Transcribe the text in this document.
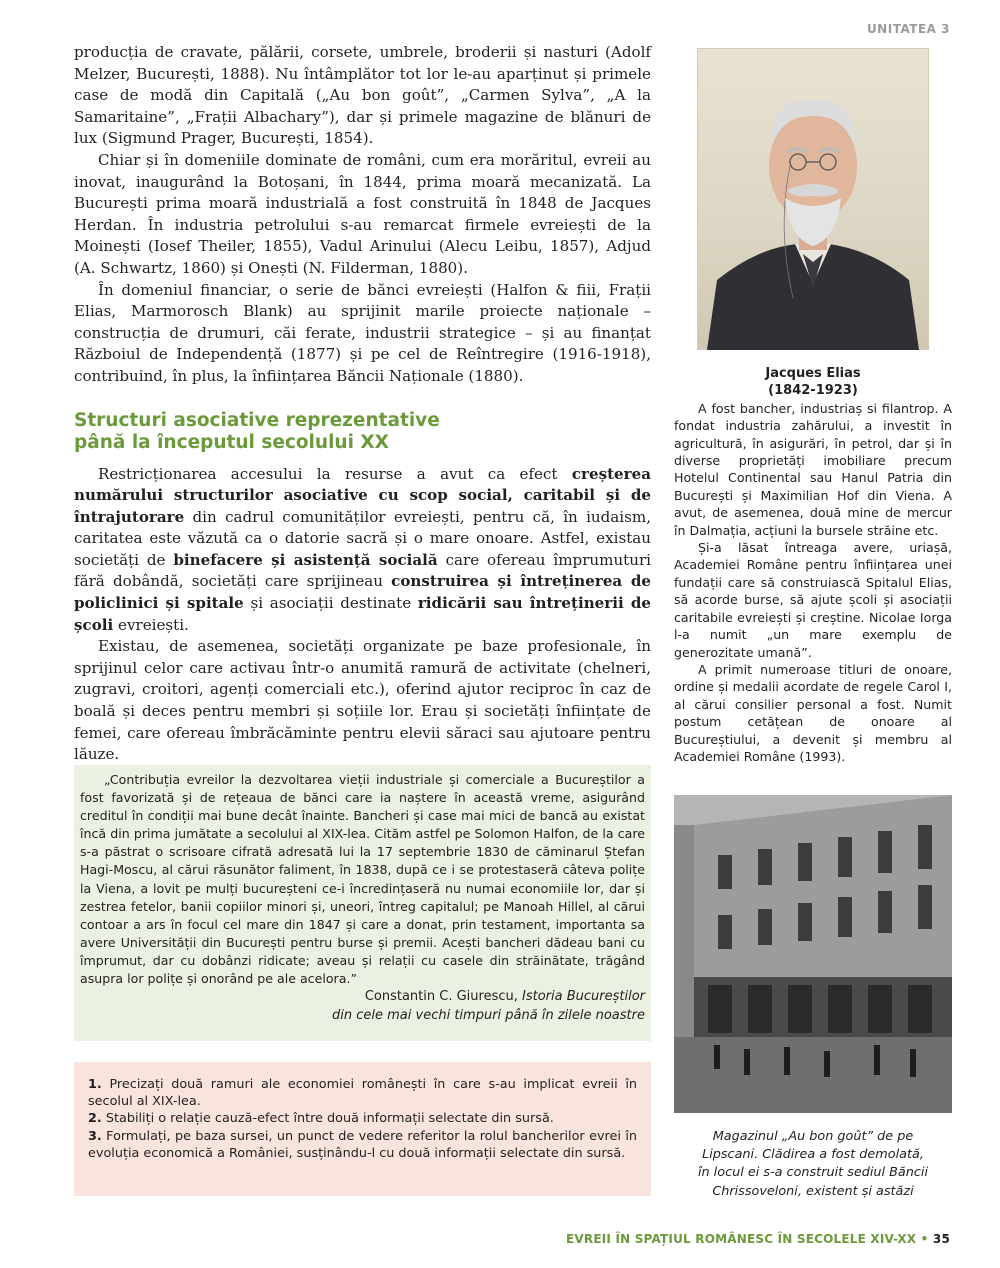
UNITATEA 3

producția de cravate, pălării, corsete, umbrele, broderii și nasturi (Adolf Melzer, București, 1888). Nu întâmplător tot lor le-au aparținut și primele case de modă din Capitală („Au bon goût”, „Carmen Sylva”, „A la Samaritaine”, „Frații Albachary”), dar și primele magazine de blănuri de lux (Sigmund Prager, București, 1854).

Chiar și în domeniile dominate de români, cum era morăritul, evreii au inovat, inaugurând la Botoșani, în 1844, prima moară mecanizată. La București prima moară industrială a fost construită în 1848 de Jacques Herdan. În industria petrolului s-au remarcat firmele evreiești de la Moinești (Iosef Theiler, 1855), Vadul Arinului (Alecu Leibu, 1857), Adjud (A. Schwartz, 1860) și Onești (N. Filderman, 1880).

În domeniul financiar, o serie de bănci evreiești (Halfon & fiii, Frații Elias, Marmorosch Blank) au sprijinit marile proiecte naționale – construcția de drumuri, căi ferate, industrii strategice – și au finanțat Războiul de Independență (1877) și pe cel de Reîntregire (1916-1918), contribuind, în plus, la înființarea Băncii Naționale (1880).

Structuri asociative reprezentative
până la începutul secolului XX

Restricționarea accesului la resurse a avut ca efect creșterea numărului structurilor asociative cu scop social, caritabil și de întrajutorare din cadrul comunităților evreiești, pentru că, în iudaism, caritatea este văzută ca o datorie sacră și o mare onoare. Astfel, existau societăți de binefacere și asistență socială care ofereau împrumuturi fără dobândă, societăți care sprijineau construirea și întreținerea de policlinici și spitale și asociații destinate ridicării sau întreținerii de școli evreiești.

Existau, de asemenea, societăți organizate pe baze profesionale, în sprijinul celor care activau într-o anumită ramură de activitate (chelneri, zugravi, croitori, agenți comerciali etc.), oferind ajutor reciproc în caz de boală și deces pentru membri și soțiile lor. Erau și societăți înființate de femei, care ofereau îmbrăcăminte pentru elevii săraci sau ajutoare pentru lăuze.

„Contribuția evreilor la dezvoltarea vieții industriale și comerciale a Bucureștilor a fost favorizată și de rețeaua de bănci care ia naștere în această vreme, asigurând creditul în condiții mai bune decât înainte. Bancheri și case mai mici de bancă au existat încă din prima jumătate a secolului al XIX-lea. Cităm astfel pe Solomon Halfon, de la care s-a păstrat o scrisoare cifrată adresată lui la 17 septembrie 1830 de căminarul Ștefan Hagi-Moscu, al cărui răsunător faliment, în 1838, după ce i se protestaseră câteva polițe la Viena, a lovit pe mulți bucureșteni ce-i încredințaseră nu numai economiile lor, dar și zestrea fetelor, banii copiilor minori și, uneori, întreg capitalul; pe Manoah Hillel, al cărui contoar a ars în focul cel mare din 1847 și care a donat, prin testament, importanta sa avere Universității din București pentru burse și premii. Acești bancheri dădeau bani cu împrumut, dar cu dobânzi ridicate; aveau și relații cu casele din străinătate, trăgând asupra lor polițe și onorând pe ale acelora.”

Constantin C. Giurescu, Istoria Bucureștilor
din cele mai vechi timpuri până în zilele noastre

1. Precizați două ramuri ale economiei românești în care s-au implicat evreii în secolul al XIX-lea.

2. Stabiliți o relație cauză-efect între două informații selectate din sursă.

3. Formulați, pe baza sursei, un punct de vedere referitor la rolul bancherilor evrei în evoluția economică a României, susținându-l cu două informații selectate din sursă.

Jacques Elias
(1842-1923)

A fost bancher, industriaș si filantrop. A fondat industria zahărului, a investit în agricultură, în asigurări, în petrol, dar și în diverse proprietăți imobiliare precum Hotelul Continental sau Hanul Patria din București și Maximilian Hof din Viena. A avut, de asemenea, două mine de mercur în Dalmația, acțiuni la bursele străine etc.

Și-a lăsat întreaga avere, uriașă, Academiei Române pentru înființarea unei fundații care să construiască Spitalul Elias, să acorde burse, să ajute școli și asociații caritabile evreiești și creștine. Nicolae Iorga l-a numit „un mare exemplu de generozitate umană”.

A primit numeroase titluri de onoare, ordine și medalii acordate de regele Carol I, al cărui consilier personal a fost. Numit postum cetățean de onoare al Bucureștiului, a devenit și membru al Academiei Române (1993).

Magazinul „Au bon goût” de pe
Lipscani. Clădirea a fost demolată,
în locul ei s-a construit sediul Băncii
Chrissoveloni, existent și astăzi
EVREII ÎN SPAȚIUL ROMÂNESC ÎN SECOLELE XIV-XX • 35
